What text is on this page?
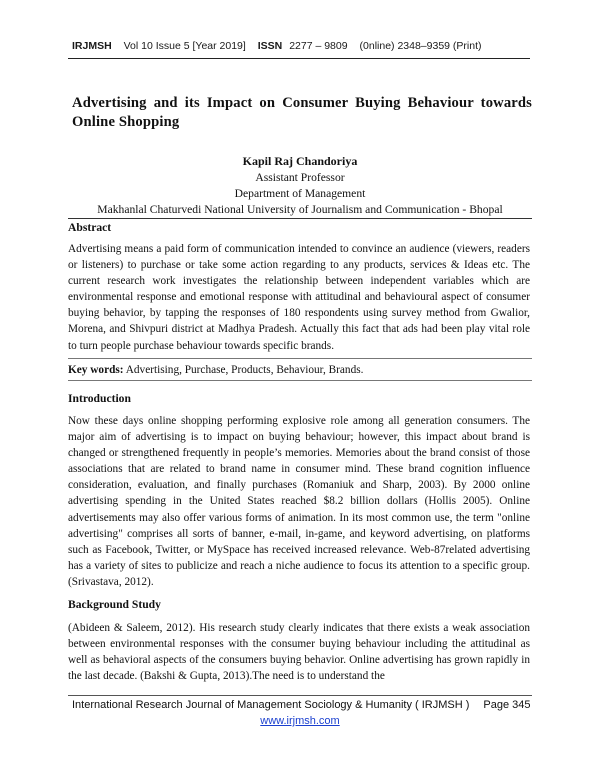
IRJMSH Vol 10 Issue 5 [Year 2019] ISSN 2277 – 9809 (0nline) 2348–9359 (Print)
Advertising and its Impact on Consumer Buying Behaviour towards Online Shopping
Kapil Raj Chandoriya
Assistant Professor
Department of Management
Makhanlal Chaturvedi National University of Journalism and Communication - Bhopal
Abstract
Advertising means a paid form of communication intended to convince an audience (viewers, readers or listeners) to purchase or take some action regarding to any products, services & Ideas etc. The current research work investigates the relationship between independent variables which are environmental response and emotional response with attitudinal and behavioural aspect of consumer buying behavior, by tapping the responses of 180 respondents using survey method from Gwalior, Morena, and Shivpuri district at Madhya Pradesh. Actually this fact that ads had been play vital role to turn people purchase behaviour towards specific brands.
Key words: Advertising, Purchase, Products, Behaviour, Brands.
Introduction
Now these days online shopping performing explosive role among all generation consumers. The major aim of advertising is to impact on buying behaviour; however, this impact about brand is changed or strengthened frequently in people’s memories. Memories about the brand consist of those associations that are related to brand name in consumer mind. These brand cognition influence consideration, evaluation, and finally purchases (Romaniuk and Sharp, 2003). By 2000 online advertising spending in the United States reached $8.2 billion dollars (Hollis 2005). Online advertisements may also offer various forms of animation. In its most common use, the term "online advertising" comprises all sorts of banner, e-mail, in-game, and keyword advertising, on platforms such as Facebook, Twitter, or MySpace has received increased relevance. Web-87related advertising has a variety of sites to publicize and reach a niche audience to focus its attention to a specific group. (Srivastava, 2012).
Background Study
(Abideen & Saleem, 2012). His research study clearly indicates that there exists a weak association between environmental responses with the consumer buying behaviour including the attitudinal as well as behavioral aspects of the consumers buying behavior. Online advertising has grown rapidly in the last decade. (Bakshi & Gupta, 2013).The need is to understand the
International Research Journal of Management Sociology & Humanity ( IRJMSH ) Page 345
www.irjmsh.com
